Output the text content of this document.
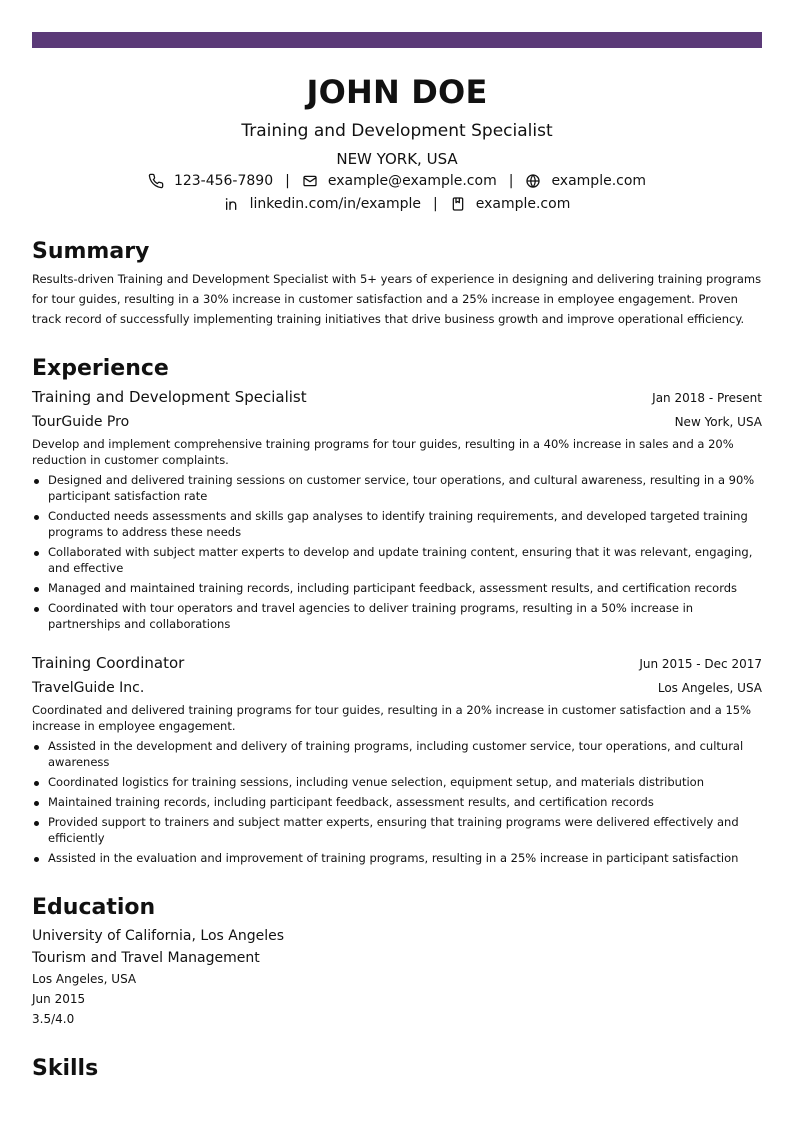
JOHN DOE
Training and Development Specialist
NEW YORK, USA
123-456-7890 |	example@example.com |	example.com
linkedin.com/in/example |	example.com
Summary

Results-driven Training and Development Specialist with 5+ years of experience in designing and delivering training programs for tour guides, resulting in a 30% increase in customer satisfaction and a 25% increase in employee engagement. Proven track record of successfully implementing training initiatives that drive business growth and improve operational efficiency.

Experience
Training and Development Specialist	Jan 2018 - Present
TourGuide Pro	New York, USA
Develop and implement comprehensive training programs for tour guides, resulting in a 40% increase in sales and a 20% reduction in customer complaints.
Designed and delivered training sessions on customer service, tour operations, and cultural awareness, resulting in a 90% participant satisfaction rate
Conducted needs assessments and skills gap analyses to identify training requirements, and developed targeted training programs to address these needs
Collaborated with subject matter experts to develop and update training content, ensuring that it was relevant, engaging, and effective
Managed and maintained training records, including participant feedback, assessment results, and certification records
Coordinated with tour operators and travel agencies to deliver training programs, resulting in a 50% increase in partnerships and collaborations
Training Coordinator	Jun 2015 - Dec 2017
TravelGuide Inc.	Los Angeles, USA
Coordinated and delivered training programs for tour guides, resulting in a 20% increase in customer satisfaction and a 15% increase in employee engagement.
Assisted in the development and delivery of training programs, including customer service, tour operations, and cultural awareness
Coordinated logistics for training sessions, including venue selection, equipment setup, and materials distribution
Maintained training records, including participant feedback, assessment results, and certification records
Provided support to trainers and subject matter experts, ensuring that training programs were delivered effectively and efficiently
Assisted in the evaluation and improvement of training programs, resulting in a 25% increase in participant satisfaction
Education

University of California, Los Angeles

Tourism and Travel Management

Los Angeles, USA

Jun 2015

3.5/4.0

Skills
